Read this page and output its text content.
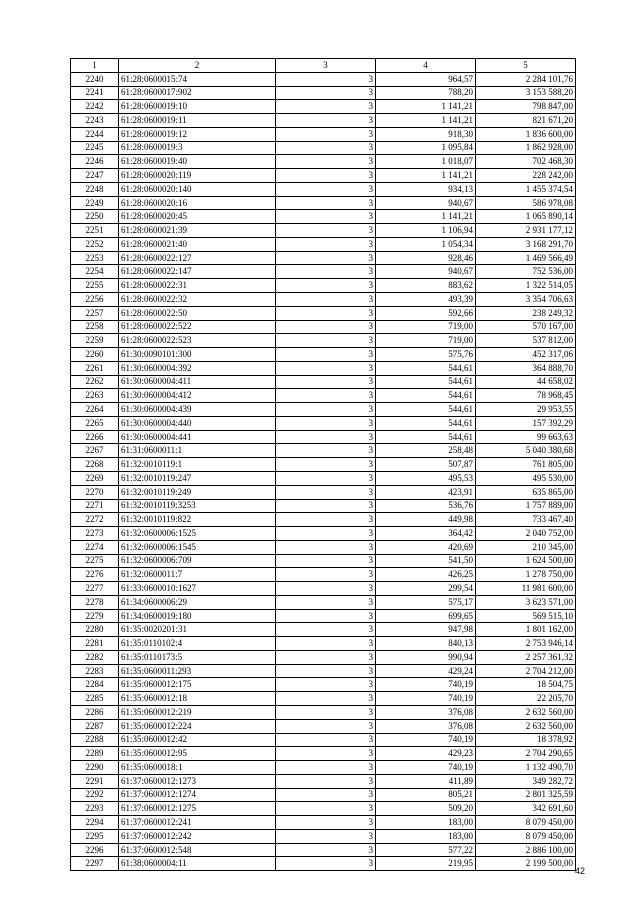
1	2	3	4	5
2240	61:28:0600015:74	3	964,57	2 284 101,76
2241	61:28:0600017:902	3	788,20	3 153 588,20
2242	61:28:0600019:10	3	1 141,21	798 847,00
2243	61:28:0600019:11	3	1 141,21	821 671,20
2244	61:28:0600019:12	3	918,30	1 836 600,00
2245	61:28:0600019:3	3	1 095,84	1 862 928,00
2246	61:28:0600019:40	3	1 018,07	702 468,30
2247	61:28:0600020:119	3	1 141,21	228 242,00
2248	61:28:0600020:140	3	934,13	1 455 374,54
2249	61:28:0600020:16	3	940,67	586 978,08
2250	61:28:0600020:45	3	1 141,21	1 065 890,14
2251	61:28:0600021:39	3	1 106,94	2 931 177,12
2252	61:28:0600021:40	3	1 054,34	3 168 291,70
2253	61:28:0600022:127	3	928,46	1 469 566,49
2254	61:28:0600022:147	3	940,67	752 536,00
2255	61:28:0600022:31	3	883,62	1 322 514,05
2256	61:28:0600022:32	3	493,39	3 354 706,63
2257	61:28:0600022:50	3	592,66	238 249,32
2258	61:28:0600022:522	3	719,00	570 167,00
2259	61:28:0600022:523	3	719,00	537 812,00
2260	61:30:0090101:300	3	575,76	452 317,06
2261	61:30:0600004:392	3	544,61	364 888,70
2262	61:30:0600004:411	3	544,61	44 658,02
2263	61:30:0600004:412	3	544,61	78 968,45
2264	61:30:0600004:439	3	544,61	29 953,55
2265	61:30:0600004:440	3	544,61	157 392,29
2266	61:30:0600004:441	3	544,61	99 663,63
2267	61:31:0600011:1	3	258,48	5 040 380,68
2268	61:32:0010119:1	3	507,87	761 805,00
2269	61:32:0010119:247	3	495,53	495 530,00
2270	61:32:0010119:249	3	423,91	635 865,00
2271	61:32:0010119:3253	3	536,76	1 757 889,00
2272	61:32:0010119:822	3	449,98	733 467,40
2273	61:32:0600006:1525	3	364,42	2 040 752,00
2274	61:32:0600006:1545	3	420,69	210 345,00
2275	61:32:0600006:709	3	541,50	1 624 500,00
2276	61:32:0600011:7	3	426,25	1 278 750,00
2277	61:33:0600010:1627	3	299,54	11 981 600,00
2278	61:34:0600006:29	3	575,17	3 623 571,00
2279	61:34:0600019:180	3	699,65	569 515,10
2280	61:35:0020201:31	3	947,98	1 801 162,00
2281	61:35:0110102:4	3	840,13	2 753 946,14
2282	61:35:0110173:5	3	990,94	2 257 361,32
2283	61:35:0600011:293	3	429,24	2 704 212,00
2284	61:35:0600012:175	3	740,19	18 504,75
2285	61:35:0600012:18	3	740,19	22 205,70
2286	61:35:0600012:219	3	376,08	2 632 560,00
2287	61:35:0600012:224	3	376,08	2 632 560,00
2288	61:35:0600012:42	3	740,19	18 378,92
2289	61:35:0600012:95	3	429,23	2 704 290,65
2290	61:35:0600018:1	3	740,19	1 132 490,70
2291	61:37:0600012:1273	3	411,89	349 282,72
2292	61:37:0600012:1274	3	805,21	2 801 325,59
2293	61:37:0600012:1275	3	509,20	342 691,60
2294	61:37:0600012:241	3	183,00	8 079 450,00
2295	61:37:0600012:242	3	183,00	8 079 450,00
2296	61:37:0600012:548	3	577,22	2 886 100,00
2297	61:38:0600004:11	3	219,95	2 199 500,00
42
